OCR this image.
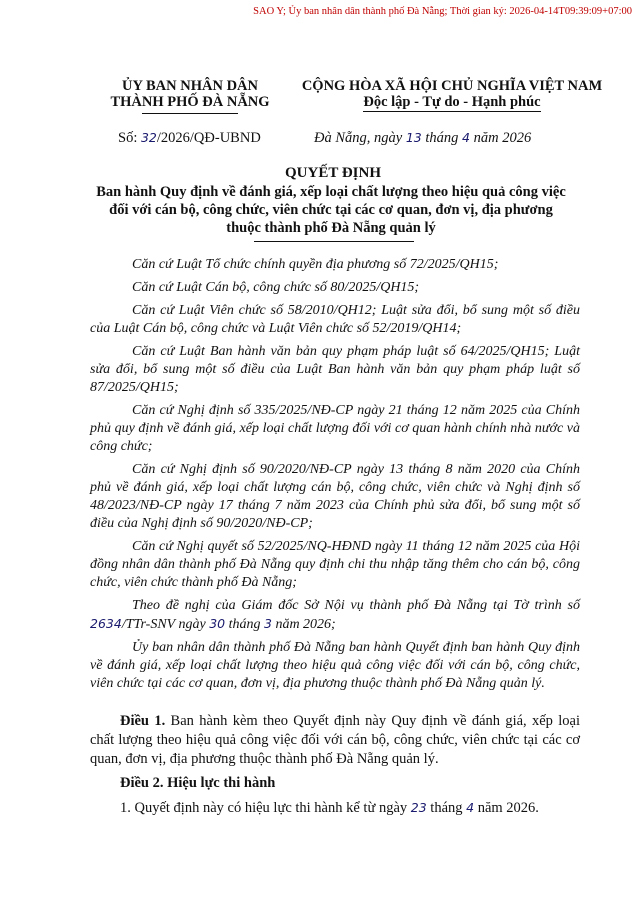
SAO Y; Ủy ban nhân dân thành phố Đà Nẵng; Thời gian ký: 2026-04-14T09:39:09+07:00
ỦY BAN NHÂN DÂN
THÀNH PHỐ ĐÀ NẴNG
CỘNG HÒA XÃ HỘI CHỦ NGHĨA VIỆT NAM
Độc lập - Tự do - Hạnh phúc
Số: 32/2026/QĐ-UBND	Đà Nẵng, ngày 13 tháng 4 năm 2026
QUYẾT ĐỊNH
Ban hành Quy định về đánh giá, xếp loại chất lượng theo hiệu quả công việc
đối với cán bộ, công chức, viên chức tại các cơ quan, đơn vị, địa phương
thuộc thành phố Đà Nẵng quản lý

Căn cứ Luật Tổ chức chính quyền địa phương số 72/2025/QH15;

Căn cứ Luật Cán bộ, công chức số 80/2025/QH15;

Căn cứ Luật Viên chức số 58/2010/QH12; Luật sửa đổi, bổ sung một số điều của Luật Cán bộ, công chức và Luật Viên chức số 52/2019/QH14;

Căn cứ Luật Ban hành văn bản quy phạm pháp luật số 64/2025/QH15; Luật sửa đổi, bổ sung một số điều của Luật Ban hành văn bản quy phạm pháp luật số 87/2025/QH15;

Căn cứ Nghị định số 335/2025/NĐ-CP ngày 21 tháng 12 năm 2025 của Chính phủ quy định về đánh giá, xếp loại chất lượng đối với cơ quan hành chính nhà nước và công chức;

Căn cứ Nghị định số 90/2020/NĐ-CP ngày 13 tháng 8 năm 2020 của Chính phủ về đánh giá, xếp loại chất lượng cán bộ, công chức, viên chức và Nghị định số 48/2023/NĐ-CP ngày 17 tháng 7 năm 2023 của Chính phủ sửa đổi, bổ sung một số điều của Nghị định số 90/2020/NĐ-CP;

Căn cứ Nghị quyết số 52/2025/NQ-HĐND ngày 11 tháng 12 năm 2025 của Hội đồng nhân dân thành phố Đà Nẵng quy định chi thu nhập tăng thêm cho cán bộ, công chức, viên chức thành phố Đà Nẵng;

Theo đề nghị của Giám đốc Sở Nội vụ thành phố Đà Nẵng tại Tờ trình số 2634/TTr-SNV ngày 30 tháng 3 năm 2026;

Ủy ban nhân dân thành phố Đà Nẵng ban hành Quyết định ban hành Quy định về đánh giá, xếp loại chất lượng theo hiệu quả công việc đối với cán bộ, công chức, viên chức tại các cơ quan, đơn vị, địa phương thuộc thành phố Đà Nẵng quản lý.

Điều 1. Ban hành kèm theo Quyết định này Quy định về đánh giá, xếp loại chất lượng theo hiệu quả công việc đối với cán bộ, công chức, viên chức tại các cơ quan, đơn vị, địa phương thuộc thành phố Đà Nẵng quản lý.

Điều 2. Hiệu lực thi hành

1. Quyết định này có hiệu lực thi hành kể từ ngày 23 tháng 4 năm 2026.
